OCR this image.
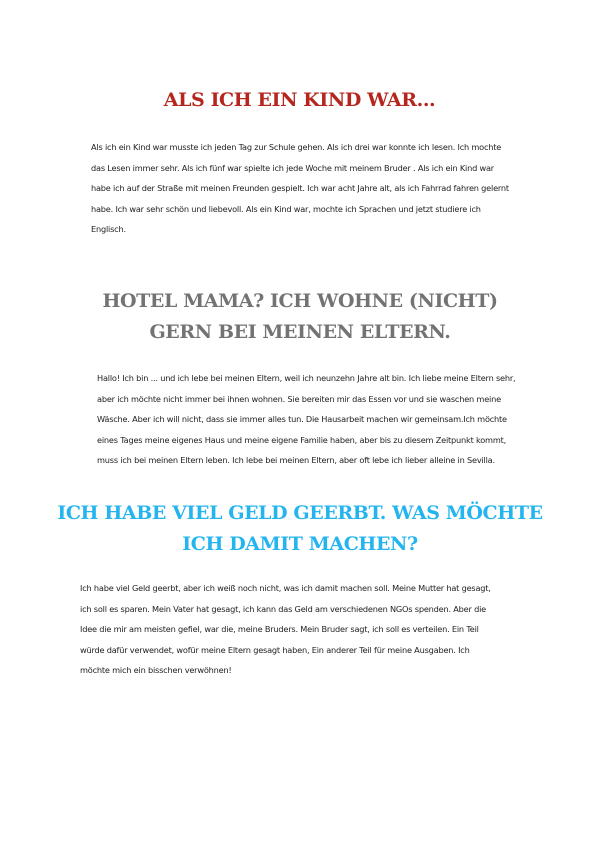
ALS ICH EIN KIND WAR...

Als ich ein Kind war musste ich jeden Tag zur Schule gehen. Als ich drei war konnte ich lesen. Ich mochte das Lesen immer sehr. Als ich fünf war spielte ich jede Woche mit meinem Bruder . Als ich ein Kind war habe ich auf der Straße mit meinen Freunden gespielt. Ich war acht Jahre alt, als ich Fahrrad fahren gelernt habe. Ich war sehr schön und liebevoll. Als ein Kind war, mochte ich Sprachen und jetzt studiere ich Englisch.

HOTEL MAMA? ICH WOHNE (NICHT) GERN BEI MEINEN ELTERN.

Hallo! Ich bin ... und ich lebe bei meinen Eltern, weil ich neunzehn Jahre alt bin. Ich liebe meine Eltern sehr, aber ich möchte nicht immer bei ihnen wohnen. Sie bereiten mir das Essen vor und sie waschen meine Wäsche. Aber ich will nicht, dass sie immer alles tun. Die Hausarbeit machen wir gemeinsam.Ich möchte eines Tages meine eigenes Haus und meine eigene Familie haben, aber bis zu diesem Zeitpunkt kommt, muss ich bei meinen Eltern leben. Ich lebe bei meinen Eltern, aber oft lebe ich lieber alleine in Sevilla.

ICH HABE VIEL GELD GEERBT. WAS MÖCHTE ICH DAMIT MACHEN?

Ich habe viel Geld geerbt, aber ich weiß noch nicht, was ich damit machen soll. Meine Mutter hat gesagt, ich soll es sparen. Mein Vater hat gesagt, ich kann das Geld am verschiedenen NGOs spenden. Aber die Idee die mir am meisten gefiel, war die, meine Bruders. Mein Bruder sagt, ich soll es verteilen. Ein Teil würde dafür verwendet, wofür meine Eltern gesagt haben, Ein anderer Teil für meine Ausgaben. Ich möchte mich ein bisschen verwöhnen!
